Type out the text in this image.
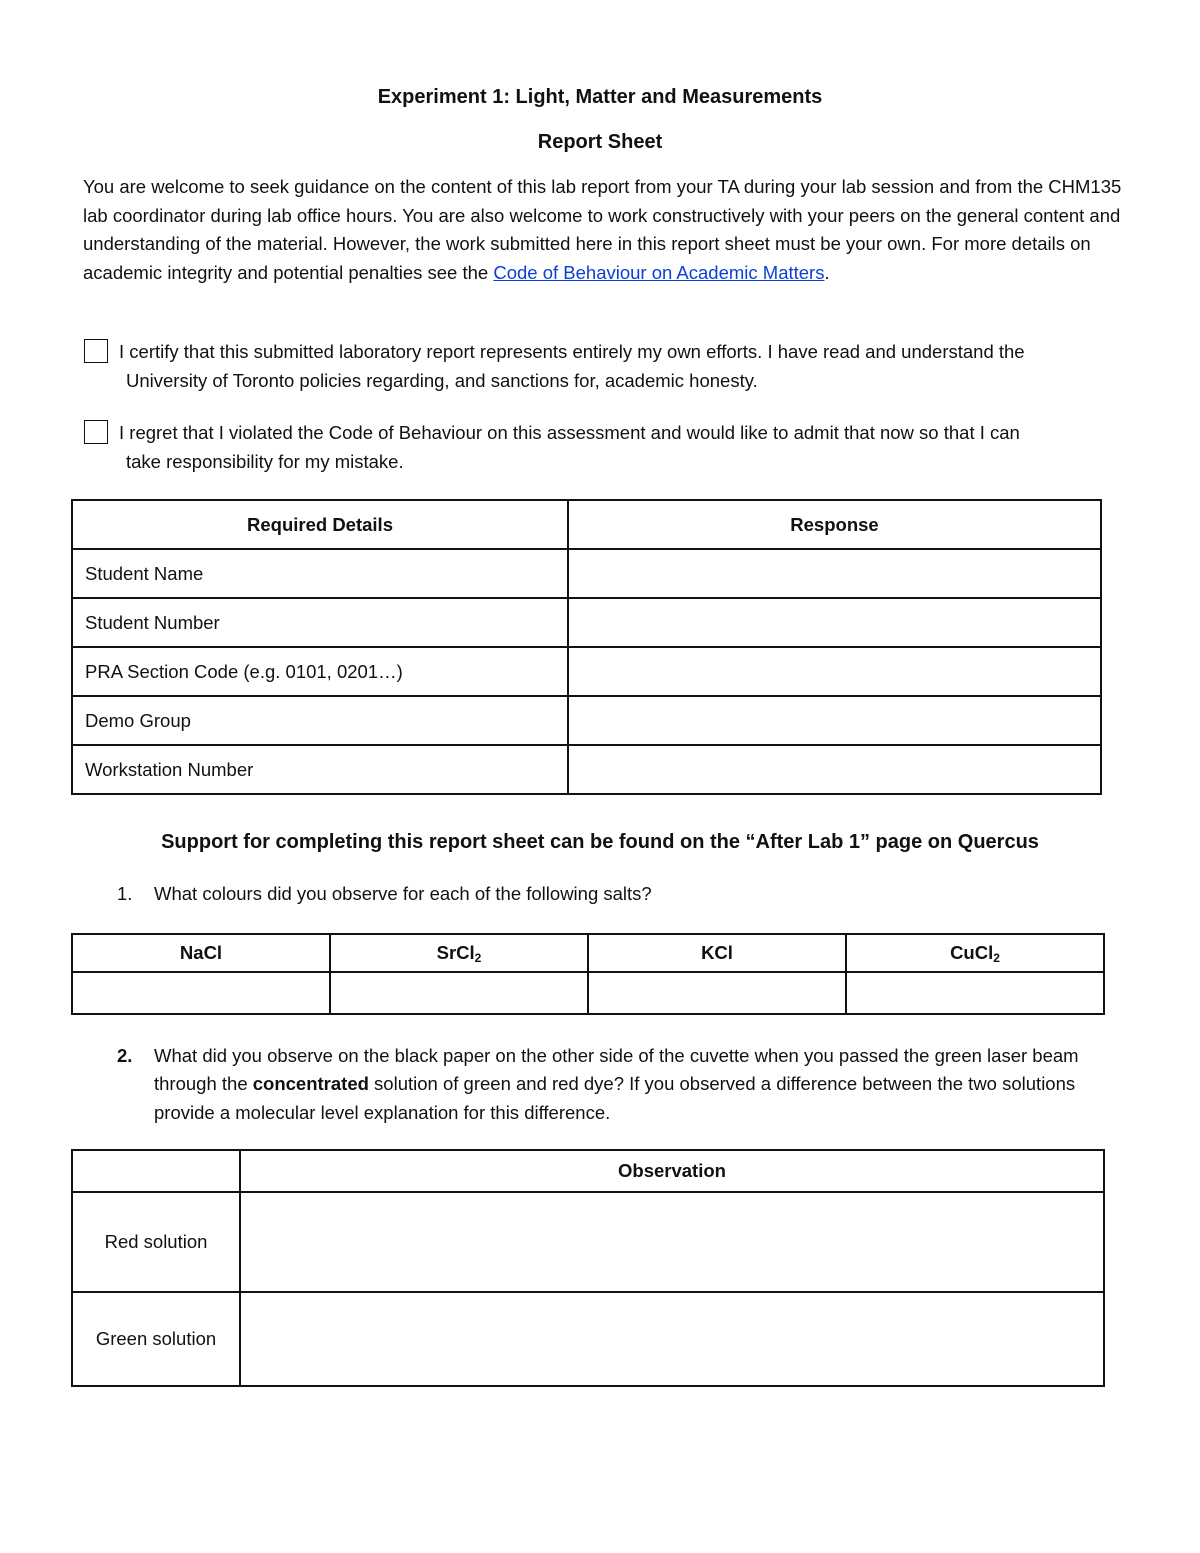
Experiment 1: Light, Matter and Measurements
Report Sheet

You are welcome to seek guidance on the content of this lab report from your TA during your lab session and from the CHM135 lab coordinator during lab office hours. You are also welcome to work constructively with your peers on the general content and understanding of the material. However, the work submitted here in this report sheet must be your own. For more details on academic integrity and potential penalties see the Code of Behaviour on Academic Matters.

I certify that this submitted laboratory report represents entirely my own efforts. I have read and understand the
University of Toronto policies regarding, and sanctions for, academic honesty.
I regret that I violated the Code of Behaviour on this assessment and would like to admit that now so that I can
take responsibility for my mistake.
Required Details	Response
Student Name	
Student Number	
PRA Section Code (e.g. 0101, 0201…)	
Demo Group	
Workstation Number	
Support for completing this report sheet can be found on the “After Lab 1” page on Quercus
1. What colours did you observe for each of the following salts?
NaCl	SrCl$_2$	KCl	CuCl$_2$

2.	What did you observe on the black paper on the other side of the cuvette when you passed the green laser beam through the concentrated solution of green and red dye? If you observed a difference between the two solutions provide a molecular level explanation for this difference.
	Observation
Red solution	
Green solution	
